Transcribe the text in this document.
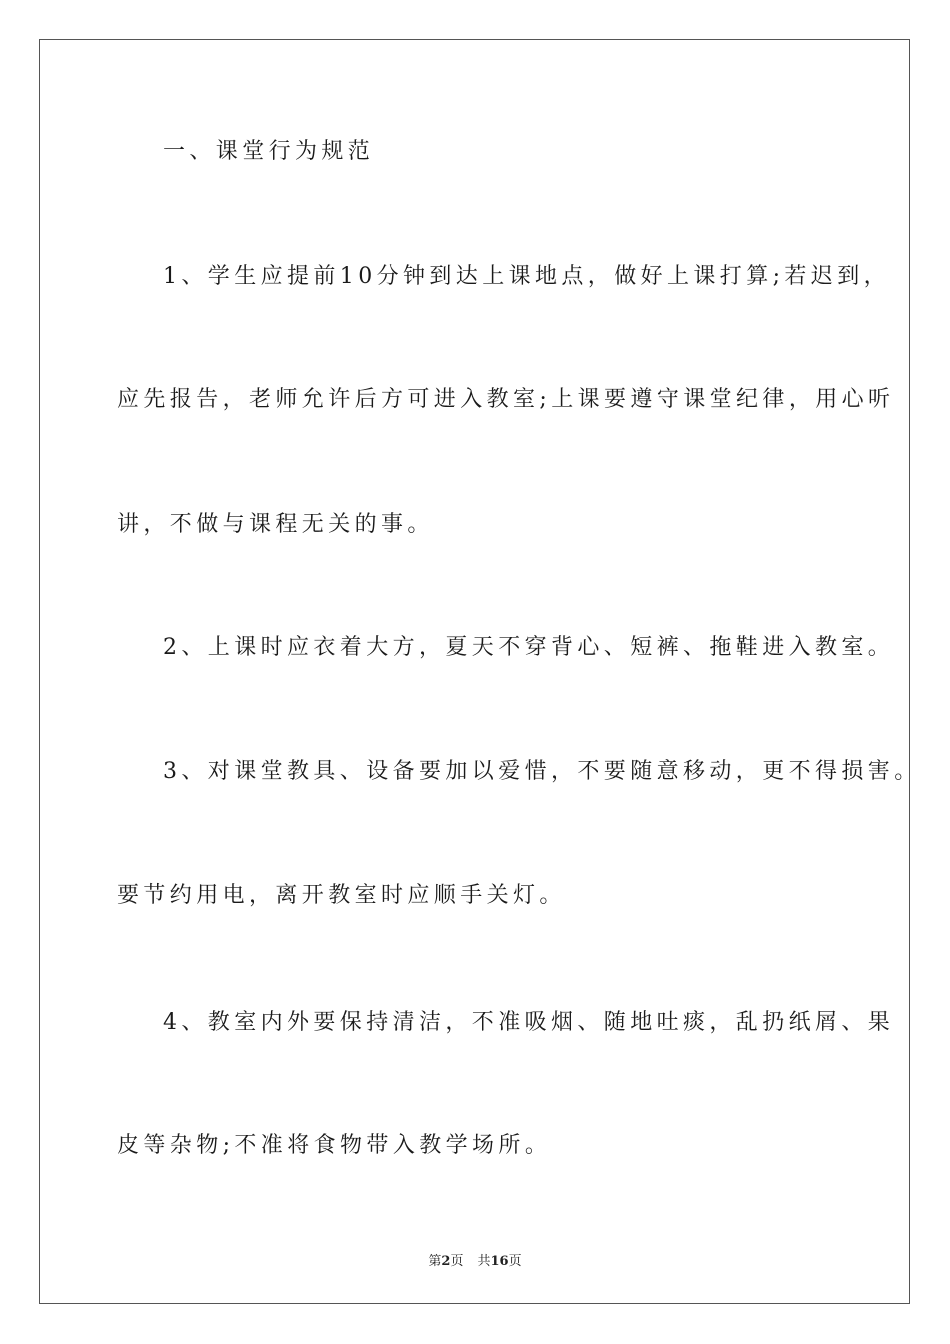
一、课堂行为规范
1、学生应提前10分钟到达上课地点，做好上课打算;若迟到，
应先报告，老师允许后方可进入教室;上课要遵守课堂纪律，用心听
讲，不做与课程无关的事。
2、上课时应衣着大方，夏天不穿背心、短裤、拖鞋进入教室。
3、对课堂教具、设备要加以爱惜，不要随意移动，更不得损害。
要节约用电，离开教室时应顺手关灯。
4、教室内外要保持清洁，不准吸烟、随地吐痰，乱扔纸屑、果
皮等杂物;不准将食物带入教学场所。
第2页 共16页
